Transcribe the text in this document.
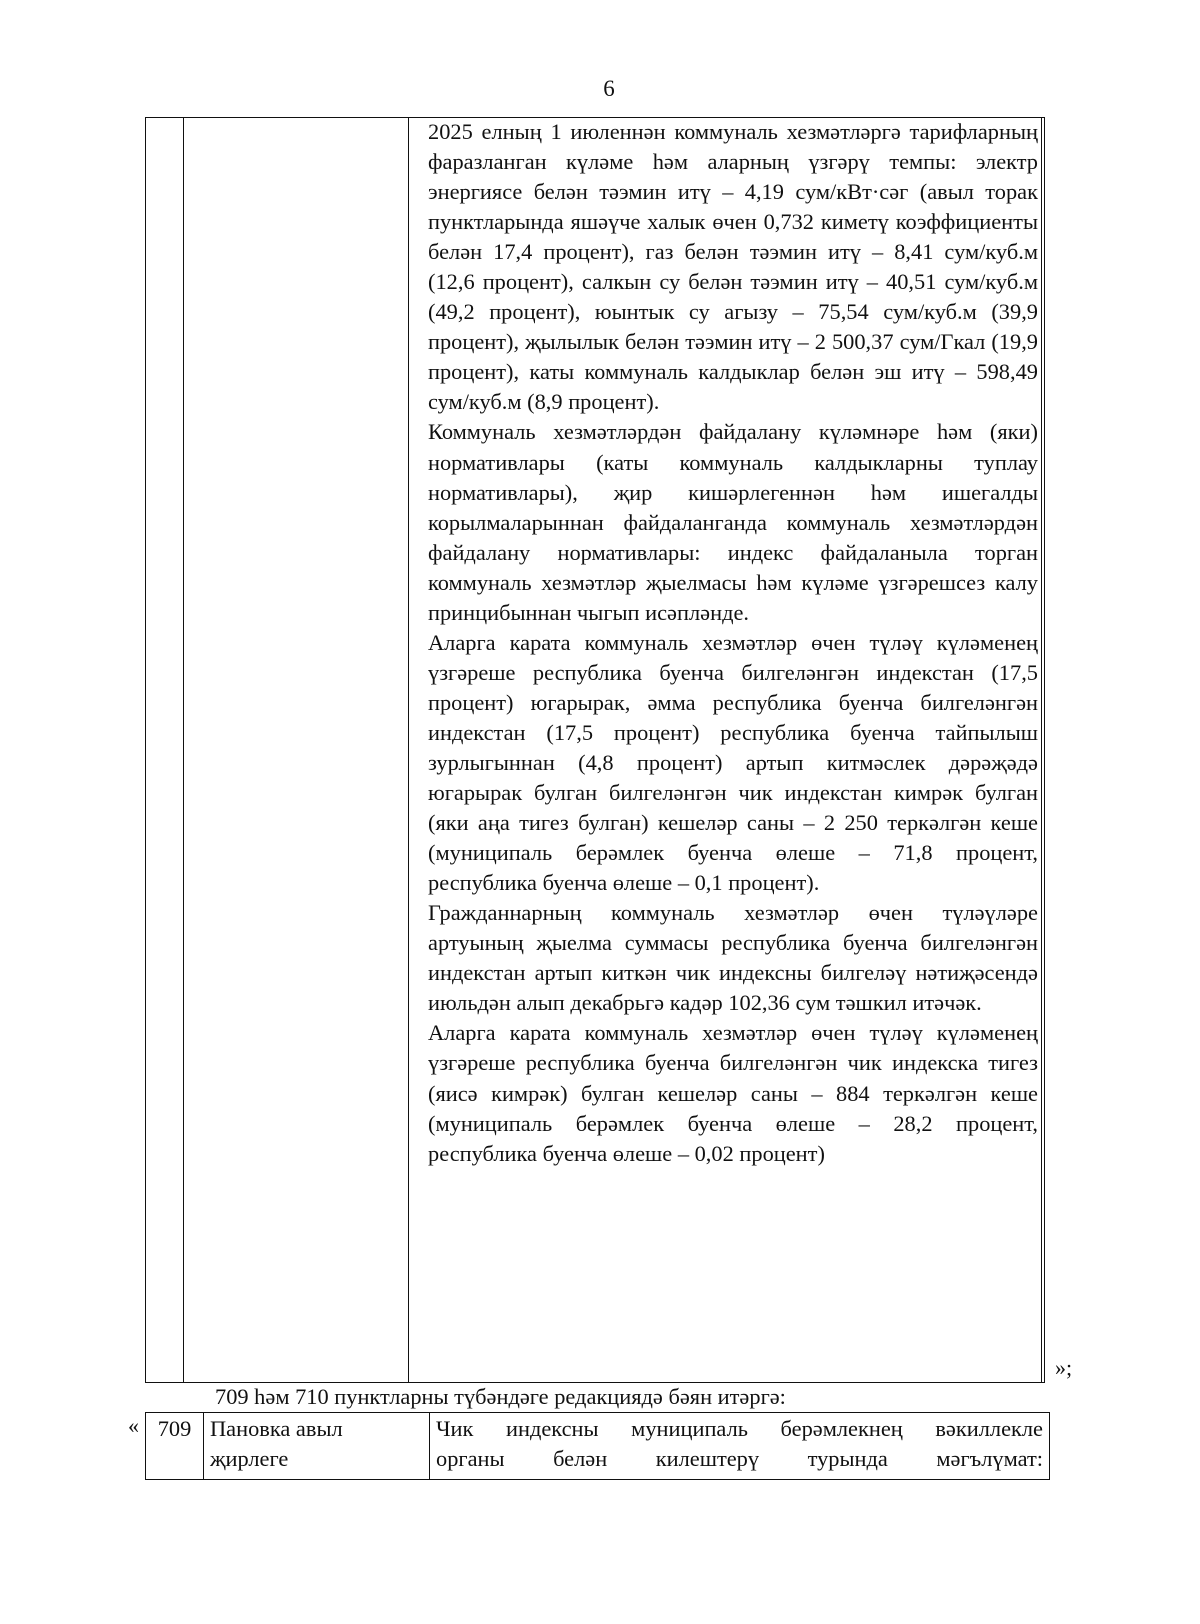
6

2025 елның 1 июленнән коммуналь хезмәтләргә тарифларның фаразланган күләме һәм аларның үзгәрү темпы: электр энергиясе белән тәэмин итү – 4,19 сум/кВт·сәг (авыл торак пунктларында яшәүче халык өчен 0,732 киметү коэффициенты белән 17,4 процент), газ белән тәэмин итү – 8,41 сум/куб.м (12,6 процент), салкын су белән тәэмин итү – 40,51 сум/куб.м (49,2 процент), юынтык су агызу – 75,54 сум/куб.м (39,9 процент), җылылык белән тәэмин итү – 2 500,37 сум/Гкал (19,9 процент), каты коммуналь калдыклар белән эш итү – 598,49 сум/куб.м (8,9 процент).

Коммуналь хезмәтләрдән файдалану күләмнәре һәм (яки) нормативлары (каты коммуналь калдыкларны туплау нормативлары), җир кишәрлегеннән һәм ишегалды корылмаларыннан файдаланганда коммуналь хезмәтләрдән файдалану нормативлары: индекс файдаланыла торган коммуналь хезмәтләр җыелмасы һәм күләме үзгәрешсез калу принцибыннан чыгып исәпләнде.

Аларга карата коммуналь хезмәтләр өчен түләү күләменең үзгәреше республика буенча билгеләнгән индекстан (17,5 процент) югарырак, әмма республика буенча билгеләнгән индекстан (17,5 процент) республика буенча тайпылыш зурлыгыннан (4,8 процент) артып китмәслек дәрәҗәдә югарырак булган билгеләнгән чик индекстан кимрәк булган (яки аңа тигез булган) кешеләр саны – 2 250 теркәлгән кеше (муниципаль берәмлек буенча өлеше – 71,8 процент, республика буенча өлеше – 0,1 процент).

Гражданнарның коммуналь хезмәтләр өчен түләүләре артуының җыелма суммасы республика буенча билгеләнгән индекстан артып киткән чик индексны билгеләү нәтиҗәсендә июльдән алып декабрьгә кадәр 102,36 сум тәшкил итәчәк.

Аларга карата коммуналь хезмәтләр өчен түләү күләменең үзгәреше республика буенча билгеләнгән чик индекска тигез (яисә кимрәк) булган кешеләр саны – 884 теркәлгән кеше (муниципаль берәмлек буенча өлеше – 28,2 процент, республика буенча өлеше – 0,02 процент)

»;
709 һәм 710 пунктларны түбәндәге редакциядә бәян итәргә:
« 709 Пановка авыл җирлеге
Чик индексны муниципаль берәмлекнең вәкиллекле
органы белән килештерү турында мәгълүмат:
